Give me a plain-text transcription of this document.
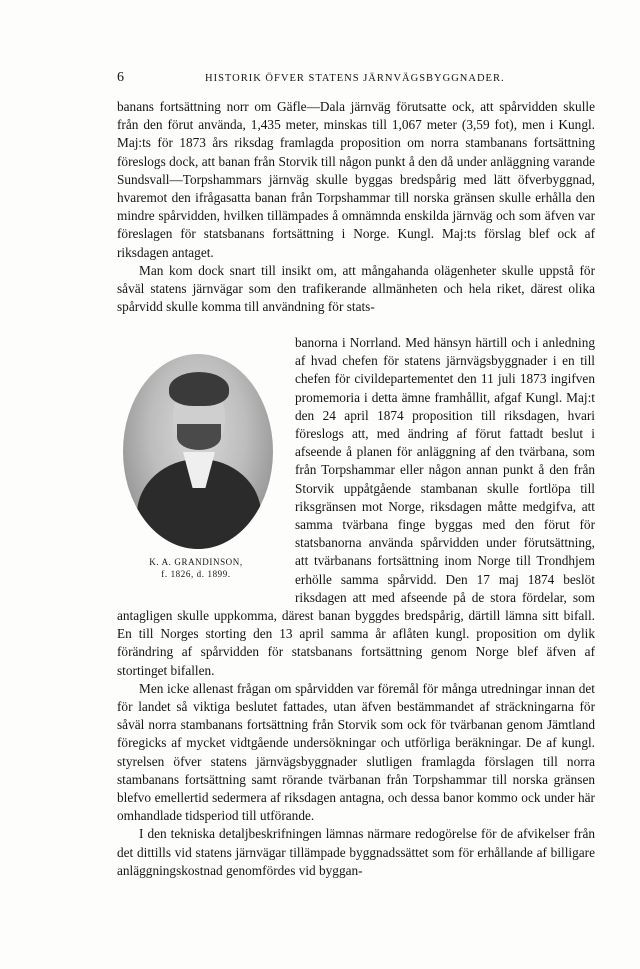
6	HISTORIK ÖFVER STATENS JÄRNVÄGSBYGGNADER.

banans fortsättning norr om Gäfle—Dala järnväg förutsatte ock, att spårvidden skulle från den förut använda, 1,435 meter, minskas till 1,067 meter (3,59 fot), men i Kungl. Maj:ts för 1873 års riksdag framlagda proposition om norra stambanans fortsättning föreslogs dock, att banan från Storvik till någon punkt å den då under anläggning varande Sundsvall—Torpshammars järnväg skulle byggas bredspårig med lätt öfverbyggnad, hvaremot den ifrågasatta banan från Torpshammar till norska gränsen skulle erhålla den mindre spårvidden, hvilken tillämpades å omnämnda enskilda järnväg och som äfven var föreslagen för statsbanans fortsättning i Norge. Kungl. Maj:ts förslag blef ock af riksdagen antaget.

Man kom dock snart till insikt om, att mångahanda olägenheter skulle uppstå för såväl statens järnvägar som den trafikerande allmänheten och hela riket, därest olika spårvidd skulle komma till användning för stats-

K. A. GRANDINSON,
f. 1826, d. 1899.

banorna i Norrland. Med hänsyn härtill och i anledning af hvad chefen för statens järnvägsbyggnader i en till chefen för civildepartementet den 11 juli 1873 ingifven promemoria i detta ämne framhållit, afgaf Kungl. Maj:t den 24 april 1874 proposition till riksdagen, hvari föreslogs att, med ändring af förut fattadt beslut i afseende å planen för anläggning af den tvärbana, som från Torpshammar eller någon annan punkt å den från Storvik uppåtgående stambanan skulle fortlöpa till riksgränsen mot Norge, riksdagen måtte medgifva, att samma tvärbana finge byggas med den förut för statsbanorna använda spårvidden under förutsättning, att tvärbanans fortsättning inom Norge till Trondhjem erhölle samma spårvidd. Den 17 maj 1874 beslöt riksdagen att med afseende på de stora fördelar, som antagligen skulle uppkomma, därest banan byggdes bredspårig, därtill lämna sitt bifall. En till Norges storting den 13 april samma år aflåten kungl. proposition om dylik förändring af spårvidden för statsbanans fortsättning genom Norge blef äfven af stortinget bifallen.

Men icke allenast frågan om spårvidden var föremål för många utredningar innan det för landet så viktiga beslutet fattades, utan äfven bestämmandet af sträckningarna för såväl norra stambanans fortsättning från Storvik som ock för tvärbanan genom Jämtland föregicks af mycket vidtgående undersökningar och utförliga beräkningar. De af kungl. styrelsen öfver statens järnvägsbyggnader slutligen framlagda förslagen till norra stambanans fortsättning samt rörande tvärbanan från Torpshammar till norska gränsen blefvo emellertid sedermera af riksdagen antagna, och dessa banor kommo ock under här omhandlade tidsperiod till utförande.

I den tekniska detaljbeskrifningen lämnas närmare redogörelse för de afvikelser från det dittills vid statens järnvägar tillämpade byggnadssättet som för erhållande af billigare anläggningskostnad genomfördes vid byggan-
